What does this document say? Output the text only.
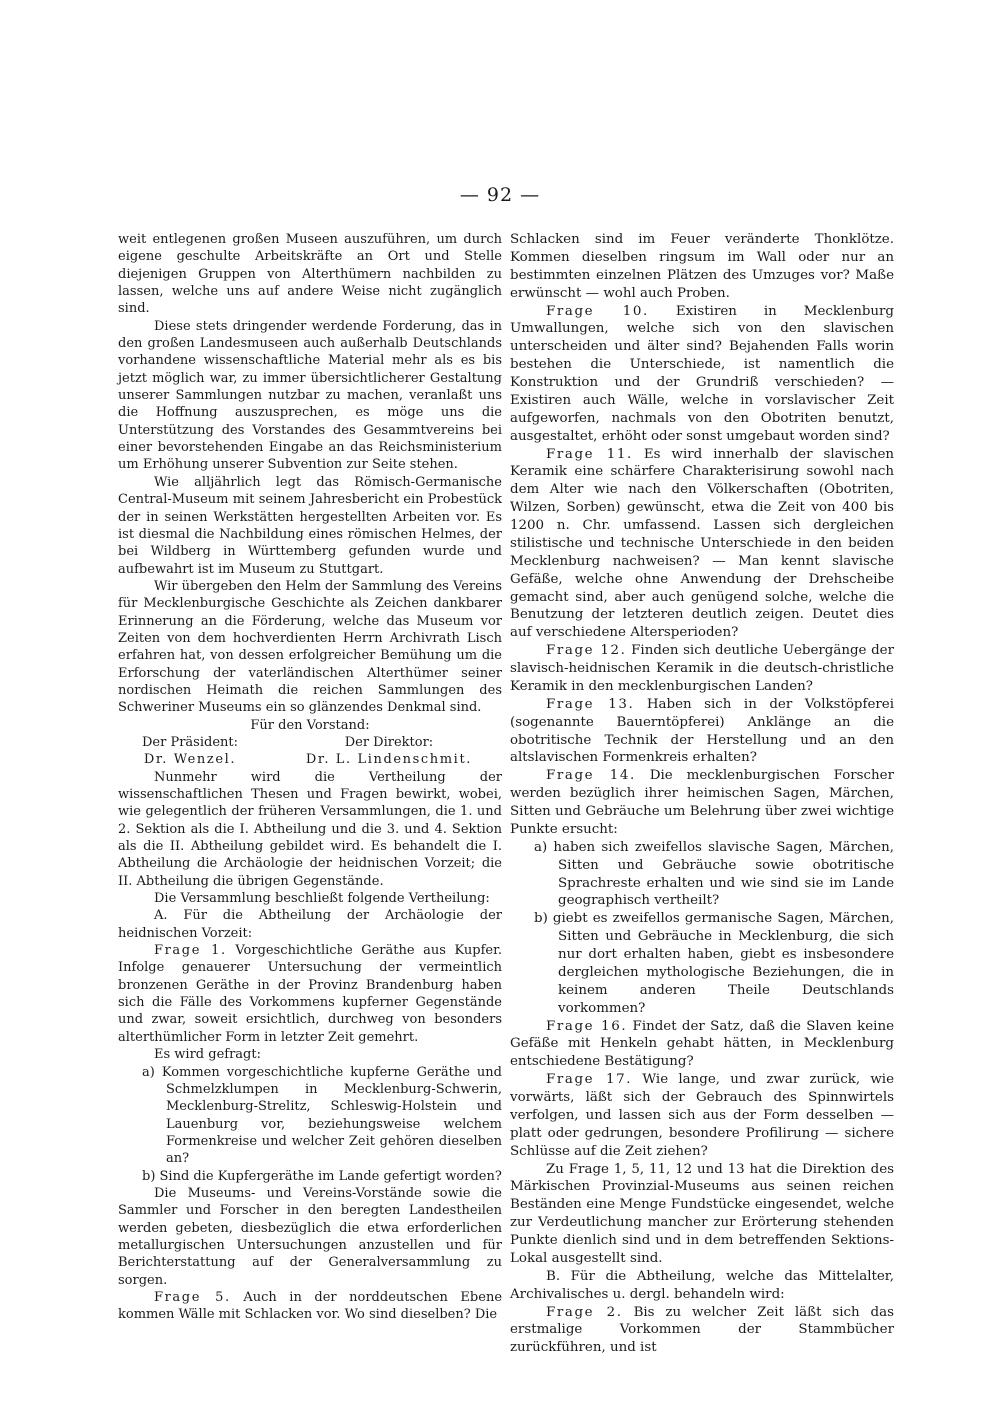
— 92 —

weit entlegenen großen Museen auszuführen, um durch eigene geschulte Arbeitskräfte an Ort und Stelle diejenigen Gruppen von Alterthümern nachbilden zu lassen, welche uns auf andere Weise nicht zugänglich sind.

Diese stets dringender werdende Forderung, das in den großen Landesmuseen auch außerhalb Deutschlands vorhandene wissenschaftliche Material mehr als es bis jetzt möglich war, zu immer übersichtlicherer Gestaltung unserer Sammlungen nutzbar zu machen, veranlaßt uns die Hoffnung auszusprechen, es möge uns die Unterstützung des Vorstandes des Gesammtvereins bei einer bevorstehenden Eingabe an das Reichsministerium um Erhöhung unserer Subvention zur Seite stehen.

Wie alljährlich legt das Römisch-Germanische Central-Museum mit seinem Jahresbericht ein Probestück der in seinen Werkstätten hergestellten Arbeiten vor. Es ist diesmal die Nachbildung eines römischen Helmes, der bei Wildberg in Württemberg gefunden wurde und aufbewahrt ist im Museum zu Stuttgart.

Wir übergeben den Helm der Sammlung des Vereins für Mecklenburgische Geschichte als Zeichen dankbarer Erinnerung an die Förderung, welche das Museum vor Zeiten von dem hochverdienten Herrn Archivrath Lisch erfahren hat, von dessen erfolgreicher Bemühung um die Erforschung der vaterländischen Alterthümer seiner nordischen Heimath die reichen Sammlungen des Schweriner Museums ein so glänzendes Denkmal sind.

Für den Vorstand:

Der Präsident:
Dr. Wenzel.
Der Direktor:
Dr. L. Lindenschmit.

Nunmehr wird die Vertheilung der wissenschaftlichen Thesen und Fragen bewirkt, wobei, wie gelegentlich der früheren Versammlungen, die 1. und 2. Sektion als die I. Abtheilung und die 3. und 4. Sektion als die II. Abtheilung gebildet wird. Es behandelt die I. Abtheilung die Archäologie der heidnischen Vorzeit; die II. Abtheilung die übrigen Gegenstände.

Die Versammlung beschließt folgende Vertheilung:

A. Für die Abtheilung der Archäologie der heidnischen Vorzeit:

Frage 1. Vorgeschichtliche Geräthe aus Kupfer. Infolge genauerer Untersuchung der vermeintlich bronzenen Geräthe in der Provinz Brandenburg haben sich die Fälle des Vorkommens kupferner Gegenstände und zwar, soweit ersichtlich, durchweg von besonders alterthümlicher Form in letzter Zeit gemehrt.

Es wird gefragt:

a) Kommen vorgeschichtliche kupferne Geräthe und Schmelzklumpen in Mecklenburg-Schwerin, Mecklenburg-Strelitz, Schleswig-Holstein und Lauenburg vor, beziehungsweise welchem Formenkreise und welcher Zeit gehören dieselben an?

b) Sind die Kupfergeräthe im Lande gefertigt worden?

Die Museums- und Vereins-Vorstände sowie die Sammler und Forscher in den beregten Landestheilen werden gebeten, diesbezüglich die etwa erforderlichen metallurgischen Untersuchungen anzustellen und für Berichterstattung auf der Generalversammlung zu sorgen.

Frage 5. Auch in der norddeutschen Ebene kommen Wälle mit Schlacken vor. Wo sind dieselben? Die

Schlacken sind im Feuer veränderte Thonklötze. Kommen dieselben ringsum im Wall oder nur an bestimmten einzelnen Plätzen des Umzuges vor? Maße erwünscht — wohl auch Proben.

Frage 10. Existiren in Mecklenburg Umwallungen, welche sich von den slavischen unterscheiden und älter sind? Bejahenden Falls worin bestehen die Unterschiede, ist namentlich die Konstruktion und der Grundriß verschieden? — Existiren auch Wälle, welche in vorslavischer Zeit aufgeworfen, nachmals von den Obotriten benutzt, ausgestaltet, erhöht oder sonst umgebaut worden sind?

Frage 11. Es wird innerhalb der slavischen Keramik eine schärfere Charakterisirung sowohl nach dem Alter wie nach den Völkerschaften (Obotriten, Wilzen, Sorben) gewünscht, etwa die Zeit von 400 bis 1200 n. Chr. umfassend. Lassen sich dergleichen stilistische und technische Unterschiede in den beiden Mecklenburg nachweisen? — Man kennt slavische Gefäße, welche ohne Anwendung der Drehscheibe gemacht sind, aber auch genügend solche, welche die Benutzung der letzteren deutlich zeigen. Deutet dies auf verschiedene Altersperioden?

Frage 12. Finden sich deutliche Uebergänge der slavisch-heidnischen Keramik in die deutsch-christliche Keramik in den mecklenburgischen Landen?

Frage 13. Haben sich in der Volkstöpferei (sogenannte Bauerntöpferei) Anklänge an die obotritische Technik der Herstellung und an den altslavischen Formenkreis erhalten?

Frage 14. Die mecklenburgischen Forscher werden bezüglich ihrer heimischen Sagen, Märchen, Sitten und Gebräuche um Belehrung über zwei wichtige Punkte ersucht:

a) haben sich zweifellos slavische Sagen, Märchen, Sitten und Gebräuche sowie obotritische Sprachreste erhalten und wie sind sie im Lande geographisch vertheilt?

b) giebt es zweifellos germanische Sagen, Märchen, Sitten und Gebräuche in Mecklenburg, die sich nur dort erhalten haben, giebt es insbesondere dergleichen mythologische Beziehungen, die in keinem anderen Theile Deutschlands vorkommen?

Frage 16. Findet der Satz, daß die Slaven keine Gefäße mit Henkeln gehabt hätten, in Mecklenburg entschiedene Bestätigung?

Frage 17. Wie lange, und zwar zurück, wie vorwärts, läßt sich der Gebrauch des Spinnwirtels verfolgen, und lassen sich aus der Form desselben — platt oder gedrungen, besondere Profilirung — sichere Schlüsse auf die Zeit ziehen?

Zu Frage 1, 5, 11, 12 und 13 hat die Direktion des Märkischen Provinzial-Museums aus seinen reichen Beständen eine Menge Fundstücke eingesendet, welche zur Verdeutlichung mancher zur Erörterung stehenden Punkte dienlich sind und in dem betreffenden Sektions-Lokal ausgestellt sind.

B. Für die Abtheilung, welche das Mittelalter, Archivalisches u. dergl. behandeln wird:

Frage 2. Bis zu welcher Zeit läßt sich das erstmalige Vorkommen der Stammbücher zurückführen, und ist
